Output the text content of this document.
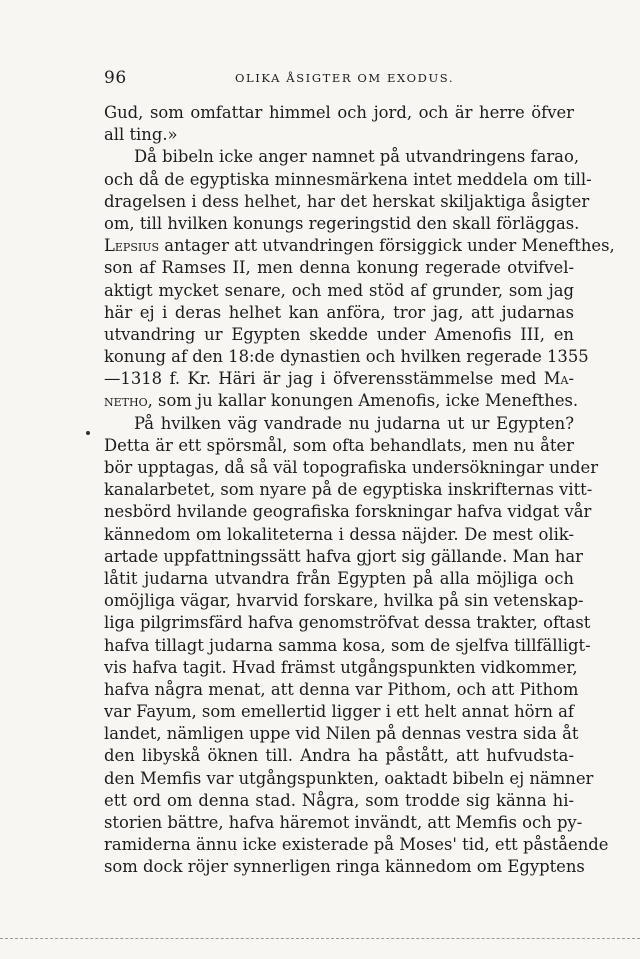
96	OLIKA ÅSIGTER OM EXODUS.
Gud, som omfattar himmel och jord, och är herre öfver
all ting.»
Då bibeln icke anger namnet på utvandringens farao,
och då de egyptiska minnesmärkena intet meddela om till-
dragelsen i dess helhet, har det herskat skiljaktiga åsigter
om, till hvilken konungs regeringstid den skall förläggas.
Lepsius antager att utvandringen försiggick under Menefthes,
son af Ramses II, men denna konung regerade otvifvel-
aktigt mycket senare, och med stöd af grunder, som jag
här ej i deras helhet kan anföra, tror jag, att judarnas
utvandring ur Egypten skedde under Amenofis III, en
konung af den 18:de dynastien och hvilken regerade 1355
—1318 f. Kr. Häri är jag i öfverensstämmelse med Ma-
netho, som ju kallar konungen Amenofis, icke Menefthes.
På hvilken väg vandrade nu judarna ut ur Egypten?
Detta är ett spörsmål, som ofta behandlats, men nu åter
bör upptagas, då så väl topografiska undersökningar under
kanalarbetet, som nyare på de egyptiska inskrifternas vitt-
nesbörd hvilande geografiska forskningar hafva vidgat vår
kännedom om lokaliteterna i dessa näjder. De mest olik-
artade uppfattningssätt hafva gjort sig gällande. Man har
låtit judarna utvandra från Egypten på alla möjliga och
omöjliga vägar, hvarvid forskare, hvilka på sin vetenskap-
liga pilgrimsfärd hafva genomströfvat dessa trakter, oftast
hafva tillagt judarna samma kosa, som de sjelfva tillfälligt-
vis hafva tagit. Hvad främst utgångspunkten vidkommer,
hafva några menat, att denna var Pithom, och att Pithom
var Fayum, som emellertid ligger i ett helt annat hörn af
landet, nämligen uppe vid Nilen på dennas vestra sida åt
den libyskå öknen till. Andra ha påstått, att hufvudsta-
den Memfis var utgångspunkten, oaktadt bibeln ej nämner
ett ord om denna stad. Några, som trodde sig känna hi-
storien bättre, hafva häremot invändt, att Memfis och py-
ramiderna ännu icke existerade på Moses' tid, ett påstående
som dock röjer synnerligen ringa kännedom om Egyptens
